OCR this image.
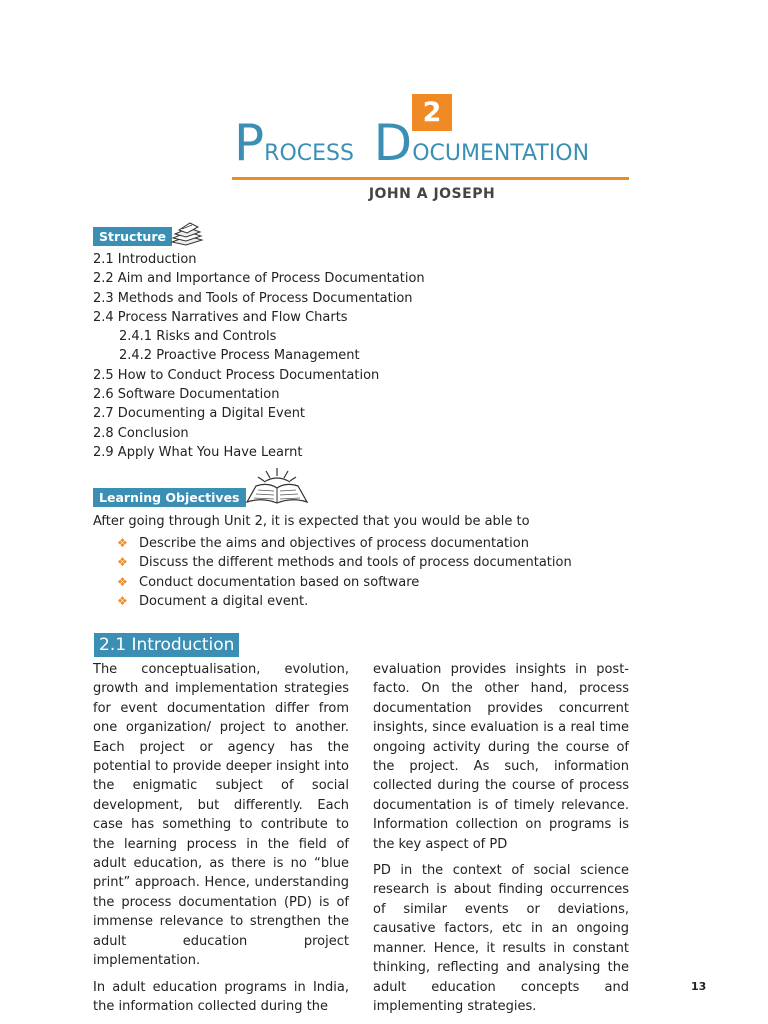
2
Process Documentation
JOHN A JOSEPH
Structure
2.1 Introduction
2.2 Aim and Importance of Process Documentation
2.3 Methods and Tools of Process Documentation
2.4 Process Narratives and Flow Charts
2.4.1 Risks and Controls
2.4.2 Proactive Process Management
2.5 How to Conduct Process Documentation
2.6 Software Documentation
2.7 Documenting a Digital Event
2.8 Conclusion
2.9 Apply What You Have Learnt
Learning Objectives
After going through Unit 2, it is expected that you would be able to
❖ Describe the aims and objectives of process documentation
❖ Discuss the different methods and tools of process documentation
❖ Conduct documentation based on software
❖ Document a digital event.
2.1 Introduction

The conceptualisation, evolution, growth and implementation strategies for event documentation differ from one organization/ project to another. Each project or agency has the potential to provide deeper insight into the enigmatic subject of social development, but differently. Each case has something to contribute to the learning process in the field of adult education, as there is no “blue print” approach. Hence, understanding the process documentation (PD) is of immense relevance to strengthen the adult education project implementation.

In adult education programs in India, the information collected during the

evaluation provides insights in post-facto. On the other hand, process documentation provides concurrent insights, since evaluation is a real time ongoing activity during the course of the project. As such, information collected during the course of process documentation is of timely relevance. Information collection on programs is the key aspect of PD

PD in the context of social science research is about finding occurrences of similar events or deviations, causative factors, etc in an ongoing manner. Hence, it results in constant thinking, reflecting and analysing the adult education concepts and implementing strategies.

13
